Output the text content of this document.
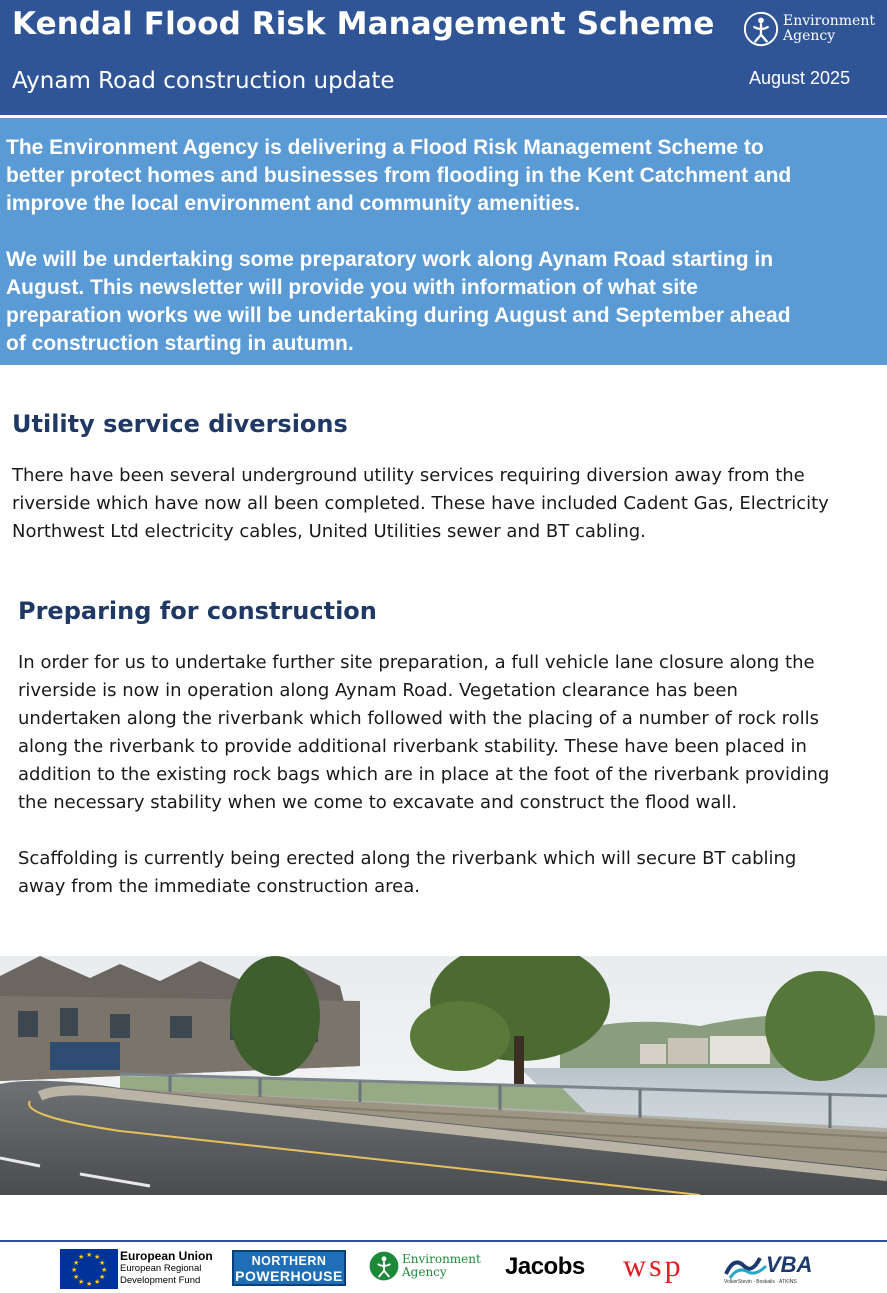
Kendal Flood Risk Management Scheme
Aynam Road construction update	August 2025
Environment
Agency

The Environment Agency is delivering a Flood Risk Management Scheme to
better protect homes and businesses from flooding in the Kent Catchment and
improve the local environment and community amenities.

We will be undertaking some preparatory work along Aynam Road starting in
August. This newsletter will provide you with information of what site
preparation works we will be undertaking during August and September ahead
of construction starting in autumn.

Utility service diversions
There have been several underground utility services requiring diversion away from the
riverside which have now all been completed. These have included Cadent Gas, Electricity
Northwest Ltd electricity cables, United Utilities sewer and BT cabling.
Preparing for construction
In order for us to undertake further site preparation, a full vehicle lane closure along the
riverside is now in operation along Aynam Road. Vegetation clearance has been
undertaken along the riverbank which followed with the placing of a number of rock rolls
along the riverbank to provide additional riverbank stability. These have been placed in
addition to the existing rock bags which are in place at the foot of the riverbank providing
the necessary stability when we come to excavate and construct the flood wall.
Scaffolding is currently being erected along the riverbank which will secure BT cabling
away from the immediate construction area.
★ ★
★
★
★
★
★
★
★
★
★
★	European Union
European Regional
Development Fund
NORTHERN
POWERHOUSE
Environment
Agency	Jacobs wsp	VBA
VolkerStevin · Boskalis · ATKINS
